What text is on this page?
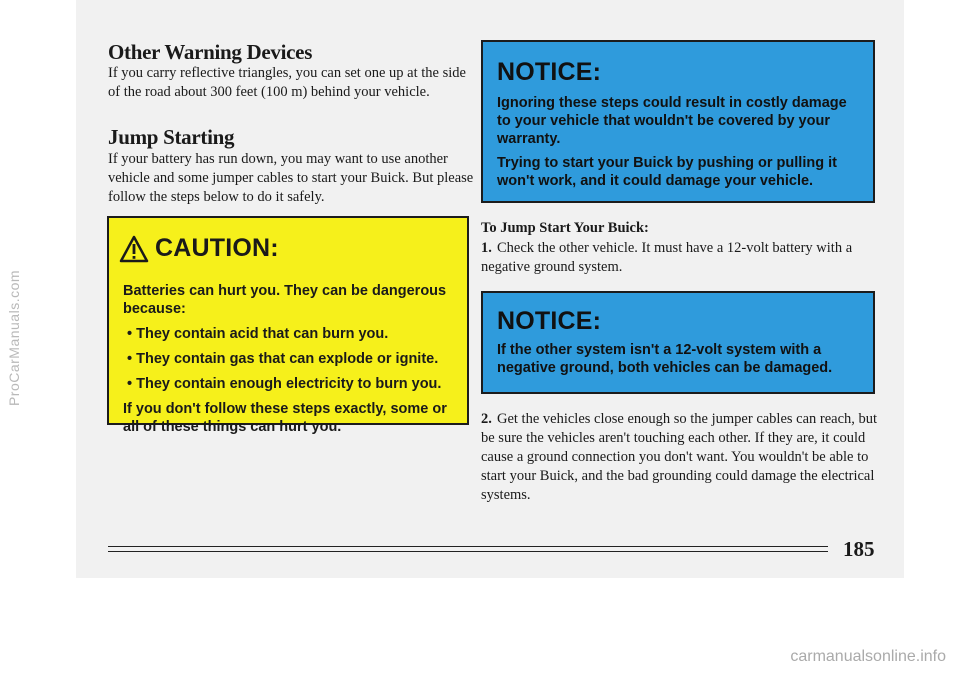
ProCarManuals.com
Other Warning Devices

If you carry reflective triangles, you can set one up at the side of the road about 300 feet (100 m) behind your vehicle.

Jump Starting

If your battery has run down, you may want to use another vehicle and some jumper cables to start your Buick. But please follow the steps below to do it safely.

CAUTION:

Batteries can hurt you. They can be dangerous because:

• They contain acid that can burn you.
• They contain gas that can explode or ignite.
• They contain enough electricity to burn you.

If you don't follow these steps exactly, some or all of these things can hurt you.

NOTICE:

Ignoring these steps could result in costly damage to your vehicle that wouldn't be covered by your warranty.

Trying to start your Buick by pushing or pulling it won't work, and it could damage your vehicle.

To Jump Start Your Buick:
1. Check the other vehicle. It must have a 12-volt battery with a negative ground system.
NOTICE:
If the other system isn't a 12-volt system with a negative ground, both vehicles can be damaged.
2. Get the vehicles close enough so the jumper cables can reach, but be sure the vehicles aren't touching each other. If they are, it could cause a ground connection you don't want. You wouldn't be able to start your Buick, and the bad grounding could damage the electrical systems.
185
carmanualsonline.info
